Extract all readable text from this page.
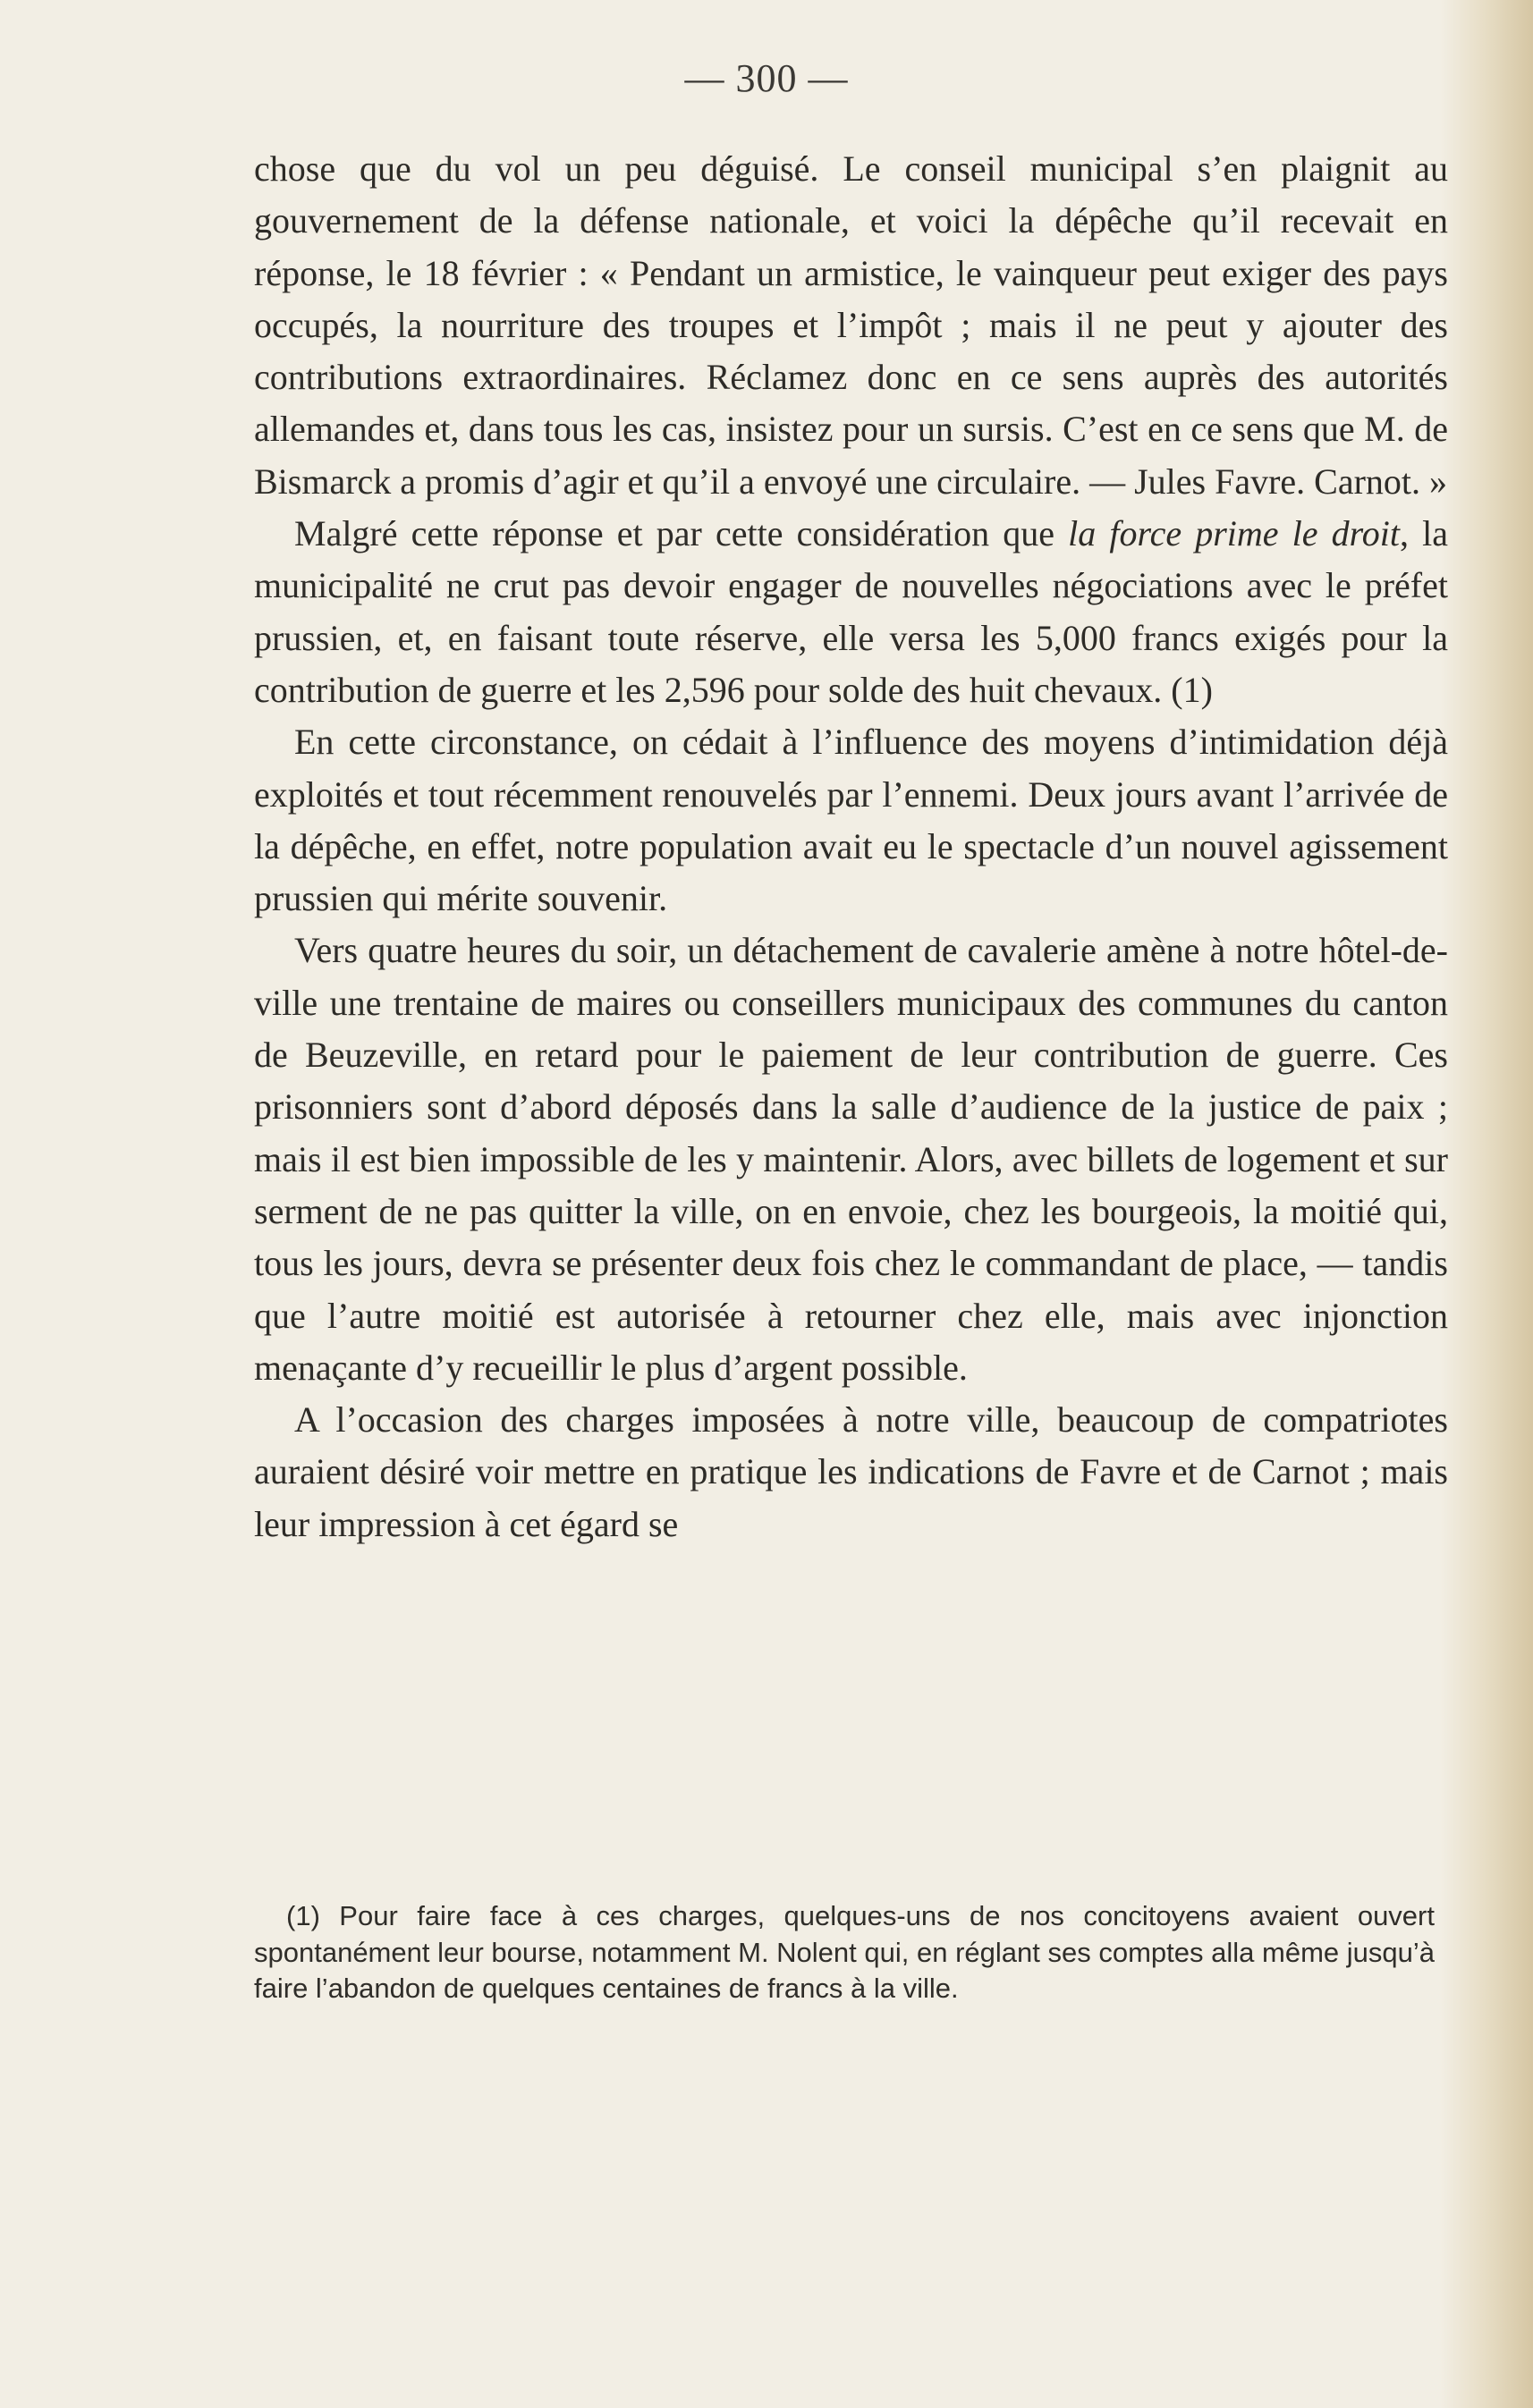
— 300 —

chose que du vol un peu déguisé. Le conseil municipal s’en plaignit au gouvernement de la défense nationale, et voici la dépêche qu’il recevait en réponse, le 18 février : « Pendant un armistice, le vainqueur peut exiger des pays occupés, la nourriture des troupes et l’impôt ; mais il ne peut y ajouter des contributions extraordinaires. Réclamez donc en ce sens auprès des autorités allemandes et, dans tous les cas, insistez pour un sursis. C’est en ce sens que M. de Bismarck a promis d’agir et qu’il a envoyé une circulaire. — Jules Favre. Carnot. »

Malgré cette réponse et par cette considération que la force prime le droit, la municipalité ne crut pas devoir engager de nouvelles négociations avec le préfet prussien, et, en faisant toute réserve, elle versa les 5,000 francs exigés pour la contribution de guerre et les 2,596 pour solde des huit chevaux. (1)

En cette circonstance, on cédait à l’influence des moyens d’intimidation déjà exploités et tout récemment renouvelés par l’ennemi. Deux jours avant l’arrivée de la dépêche, en effet, notre population avait eu le spectacle d’un nouvel agissement prussien qui mérite souvenir.

Vers quatre heures du soir, un détachement de cavalerie amène à notre hôtel-de-ville une trentaine de maires ou conseillers municipaux des communes du canton de Beuzeville, en retard pour le paiement de leur contribution de guerre. Ces prisonniers sont d’abord déposés dans la salle d’audience de la justice de paix ; mais il est bien impossible de les y maintenir. Alors, avec billets de logement et sur serment de ne pas quitter la ville, on en envoie, chez les bourgeois, la moitié qui, tous les jours, devra se présenter deux fois chez le commandant de place, — tandis que l’autre moitié est autorisée à retourner chez elle, mais avec injonction menaçante d’y recueillir le plus d’argent possible.

A l’occasion des charges imposées à notre ville, beaucoup de compatriotes auraient désiré voir mettre en pratique les indications de Favre et de Carnot ; mais leur impression à cet égard se

(1) Pour faire face à ces charges, quelques-uns de nos concitoyens avaient ouvert spontanément leur bourse, notamment M. Nolent qui, en réglant ses comptes alla même jusqu’à faire l’abandon de quelques centaines de francs à la ville.
